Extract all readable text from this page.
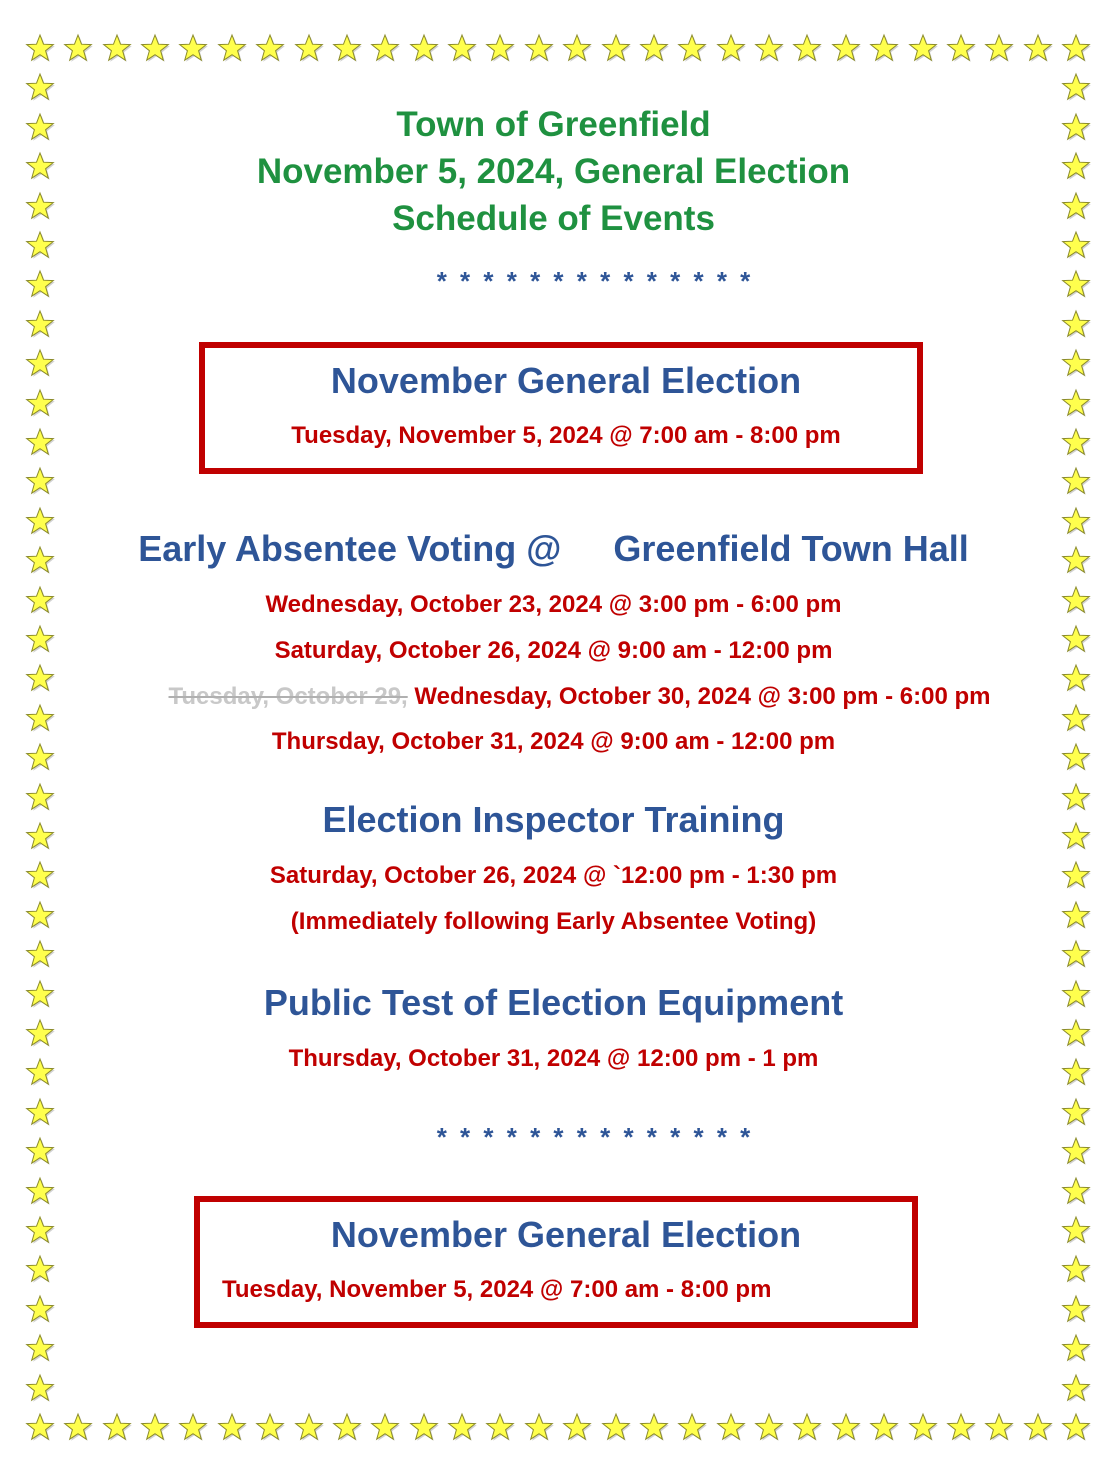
Town of Greenfield
November 5, 2024, General Election
Schedule of Events
* * * * * * * * * * * * * *
November General Election
Tuesday, November 5, 2024 @ 7:00 am - 8:00 pm
Early Absentee Voting @ Greenfield Town Hall
Wednesday, October 23, 2024 @ 3:00 pm - 6:00 pm
Saturday, October 26, 2024 @ 9:00 am - 12:00 pm
Tuesday, October 29, Wednesday, October 30, 2024 @ 3:00 pm - 6:00 pm
Thursday, October 31, 2024 @ 9:00 am - 12:00 pm
Election Inspector Training
Saturday, October 26, 2024 @ `12:00 pm - 1:30 pm
(Immediately following Early Absentee Voting)
Public Test of Election Equipment
Thursday, October 31, 2024 @ 12:00 pm - 1 pm
* * * * * * * * * * * * * *
November General Election
Tuesday, November 5, 2024 @ 7:00 am - 8:00 pm
